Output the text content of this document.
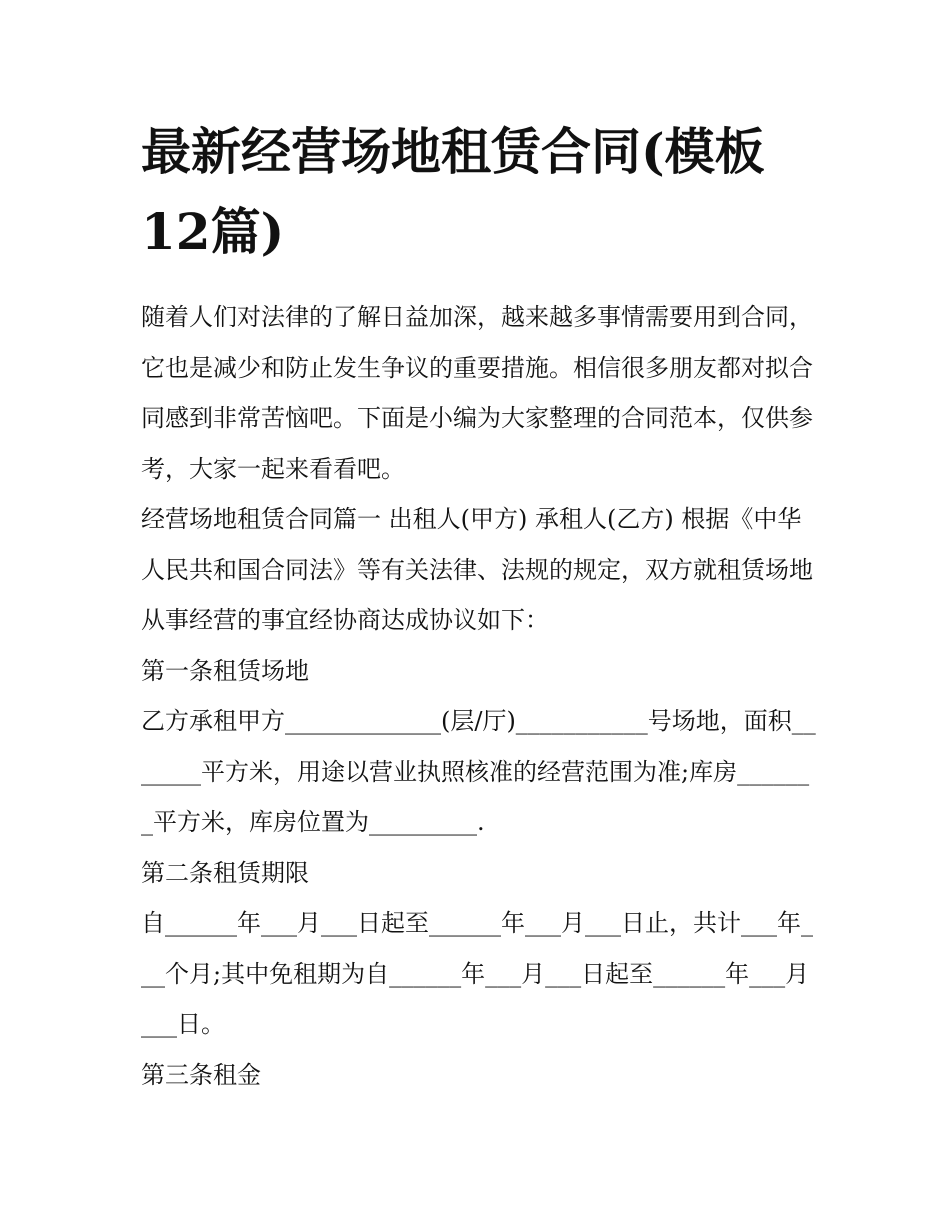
最新经营场地租赁合同(模板12篇)

随着人们对法律的了解日益加深，越来越多事情需要用到合同，它也是减少和防止发生争议的重要措施。相信很多朋友都对拟合同感到非常苦恼吧。下面是小编为大家整理的合同范本，仅供参考，大家一起来看看吧。

经营场地租赁合同篇一 出租人(甲方) 承租人(乙方) 根据《中华人民共和国合同法》等有关法律、法规的规定，双方就租赁场地从事经营的事宜经协商达成协议如下：

第一条租赁场地

乙方承租甲方_____________(层/厅)___________号场地，面积_______平方米，用途以营业执照核准的经营范围为准;库房_______平方米，库房位置为_________.

第二条租赁期限

自______年___月___日起至______年___月___日止，共计___年___个月;其中免租期为自______年___月___日起至______年___月___日。

第三条租金
